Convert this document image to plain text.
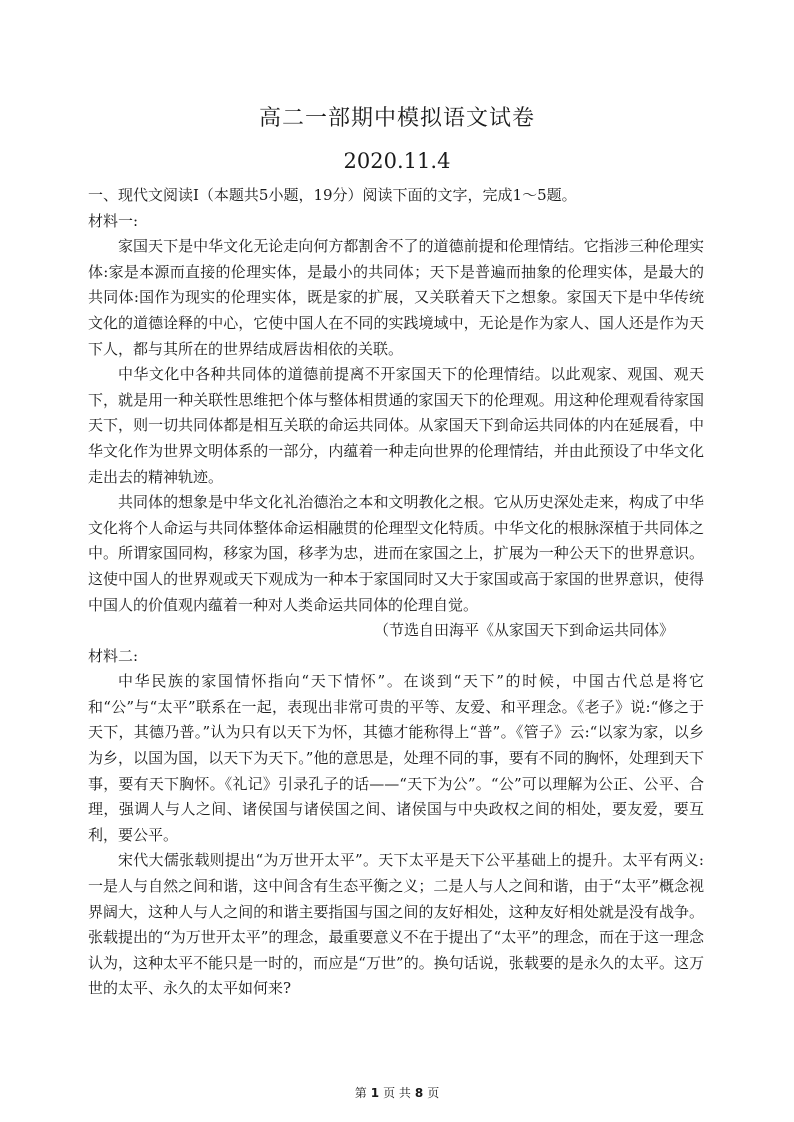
高二一部期中模拟语文试卷
2020.11.4

一、现代文阅读Ⅰ（本题共5小题，19分）阅读下面的文字，完成1～5题。

材料一:

家国天下是中华文化无论走向何方都割舍不了的道德前提和伦理情结。它指涉三种伦理实体:家是本源而直接的伦理实体，是最小的共同体；天下是普遍而抽象的伦理实体，是最大的共同体:国作为现实的伦理实体，既是家的扩展，又关联着天下之想象。家国天下是中华传统文化的道德诠释的中心，它使中国人在不同的实践境域中，无论是作为家人、国人还是作为天下人，都与其所在的世界结成唇齿相依的关联。

中华文化中各种共同体的道德前提离不开家国天下的伦理情结。以此观家、观国、观天下，就是用一种关联性思维把个体与整体相贯通的家国天下的伦理观。用这种伦理观看待家国天下，则一切共同体都是相互关联的命运共同体。从家国天下到命运共同体的内在延展看，中华文化作为世界文明体系的一部分，内蕴着一种走向世界的伦理情结，并由此预设了中华文化走出去的精神轨迹。

共同体的想象是中华文化礼治德治之本和文明教化之根。它从历史深处走来，构成了中华文化将个人命运与共同体整体命运相融贯的伦理型文化特质。中华文化的根脉深植于共同体之中。所谓家国同构，移家为国，移孝为忠，进而在家国之上，扩展为一种公天下的世界意识。这使中国人的世界观或天下观成为一种本于家国同时又大于家国或高于家国的世界意识，使得中国人的价值观内蕴着一种对人类命运共同体的伦理自觉。

（节选自田海平《从家国天下到命运共同体》

材料二:

中华民族的家国情怀指向“天下情怀”。在谈到“天下”的时候，中国古代总是将它和“公”与“太平”联系在一起，表现出非常可贵的平等、友爱、和平理念。《老子》说:“修之于天下，其德乃普。”认为只有以天下为怀，其德才能称得上“普”。《管子》云:“以家为家，以乡为乡，以国为国，以天下为天下。”他的意思是，处理不同的事，要有不同的胸怀，处理到天下事，要有天下胸怀。《礼记》引录孔子的话——“天下为公”。“公”可以理解为公正、公平、合理，强调人与人之间、诸侯国与诸侯国之间、诸侯国与中央政权之间的相处，要友爱，要互利，要公平。

宋代大儒张载则提出“为万世开太平”。天下太平是天下公平基础上的提升。太平有两义:一是人与自然之间和谐，这中间含有生态平衡之义；二是人与人之间和谐，由于“太平”概念视界阔大，这种人与人之间的和谐主要指国与国之间的友好相处，这种友好相处就是没有战争。张载提出的“为万世开太平”的理念，最重要意义不在于提出了“太平”的理念，而在于这一理念认为，这种太平不能只是一时的，而应是“万世”的。换句话说，张载要的是永久的太平。这万世的太平、永久的太平如何来?

第 1 页 共 8 页
